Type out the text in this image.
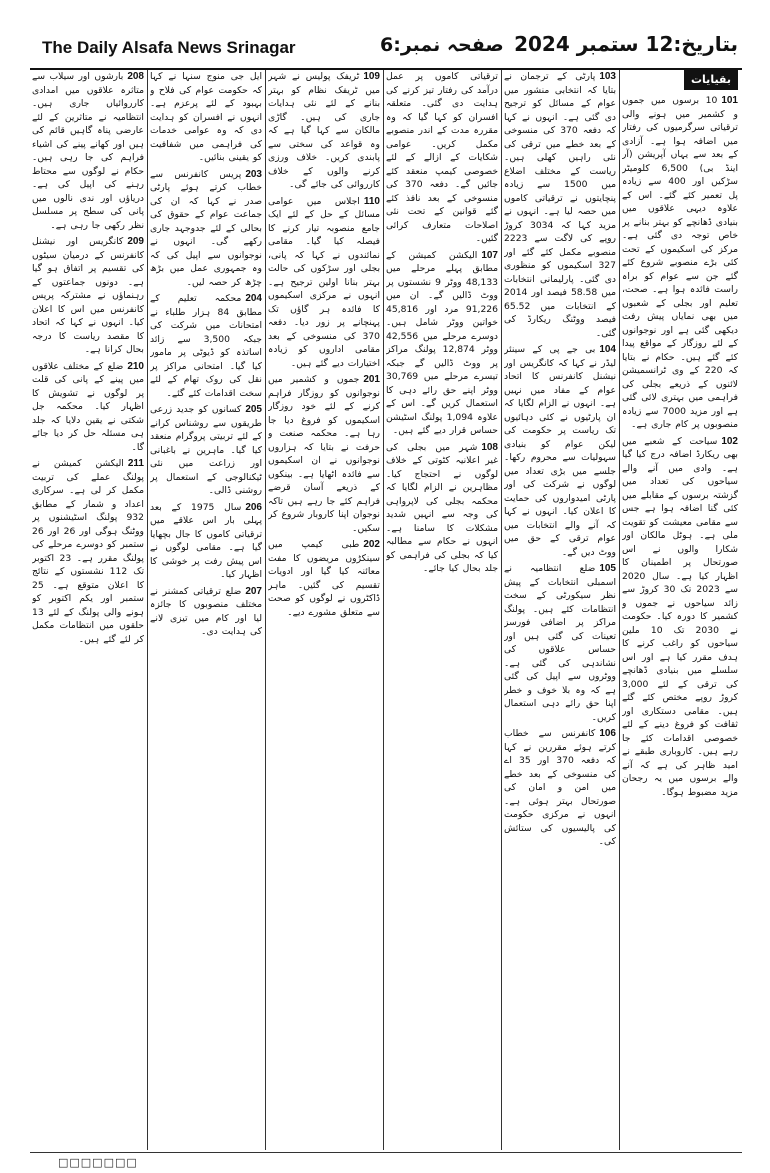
The Daily Alsafa News Srinagar	صفحہ نمبر:6 بتاریخ:12 ستمبر 2024
بقیایات

10110 برسوں میں جموں و کشمیر میں ہونے والی ترقیاتی سرگرمیوں کی رفتار میں اضافہ ہوا ہے۔ آزادی کے بعد سے یہاں آپریشن (آر اینڈ بی) 6,500 کلومیٹر سڑکیں اور 400 سے زیادہ پل تعمیر کئے گئے۔ اس کے علاوہ دیہی علاقوں میں بنیادی ڈھانچے کو بہتر بنانے پر خاص توجہ دی گئی ہے۔ مرکز کی اسکیموں کے تحت کئی بڑے منصوبے شروع کئے گئے جن سے عوام کو براہ راست فائدہ ہوا ہے۔ صحت، تعلیم اور بجلی کے شعبوں میں بھی نمایاں پیش رفت دیکھی گئی ہے اور نوجوانوں کے لئے روزگار کے مواقع پیدا کئے گئے ہیں۔ حکام نے بتایا کہ 220 کے وی ٹرانسمیشن لائنوں کے ذریعے بجلی کی فراہمی میں بہتری لائی گئی ہے اور مزید 7000 سے زیادہ منصوبوں پر کام جاری ہے۔

102سیاحت کے شعبے میں بھی ریکارڈ اضافہ درج کیا گیا ہے۔ وادی میں آنے والے سیاحوں کی تعداد میں گزشتہ برسوں کے مقابلے میں کئی گنا اضافہ ہوا ہے جس سے مقامی معیشت کو تقویت ملی ہے۔ ہوٹل مالکان اور شکارا والوں نے اس صورتحال پر اطمینان کا اظہار کیا ہے۔ سال 2020 سے 2023 تک 30 کروڑ سے زائد سیاحوں نے جموں و کشمیر کا دورہ کیا۔ حکومت نے 2030 تک 10 ملین سیاحوں کو راغب کرنے کا ہدف مقرر کیا ہے اور اس سلسلے میں بنیادی ڈھانچے کی ترقی کے لئے 3,000 کروڑ روپے مختص کئے گئے ہیں۔ مقامی دستکاری اور ثقافت کو فروغ دینے کے لئے خصوصی اقدامات کئے جا رہے ہیں۔ کاروباری طبقے نے امید ظاہر کی ہے کہ آنے والے برسوں میں یہ رجحان مزید مضبوط ہوگا۔

103پارٹی کے ترجمان نے بتایا کہ انتخابی منشور میں عوام کے مسائل کو ترجیح دی گئی ہے۔ انہوں نے کہا کہ دفعہ 370 کی منسوخی کے بعد خطے میں ترقی کی نئی راہیں کھلی ہیں۔ ریاست کے مختلف اضلاع میں 1500 سے زیادہ پنچایتوں نے ترقیاتی کاموں میں حصہ لیا ہے۔ انہوں نے مزید کہا کہ 3034 کروڑ روپے کی لاگت سے 2223 منصوبے مکمل کئے گئے اور 327 اسکیموں کو منظوری دی گئی۔ پارلیمانی انتخابات میں 58.58 فیصد اور 2014 کے انتخابات میں 65.52 فیصد ووٹنگ ریکارڈ کی گئی۔

104بی جے پی کے سینئر لیڈر نے کہا کہ کانگریس اور نیشنل کانفرنس کا اتحاد عوام کے مفاد میں نہیں ہے۔ انہوں نے الزام لگایا کہ ان پارٹیوں نے کئی دہائیوں تک ریاست پر حکومت کی لیکن عوام کو بنیادی سہولیات سے محروم رکھا۔ جلسے میں بڑی تعداد میں لوگوں نے شرکت کی اور پارٹی امیدواروں کی حمایت کا اعلان کیا۔ انہوں نے کہا کہ آنے والے انتخابات میں عوام ترقی کے حق میں ووٹ دیں گے۔

105ضلع انتظامیہ نے اسمبلی انتخابات کے پیش نظر سیکورٹی کے سخت انتظامات کئے ہیں۔ پولنگ مراکز پر اضافی فورسز تعینات کی گئی ہیں اور حساس علاقوں کی نشاندہی کی گئی ہے۔ ووٹروں سے اپیل کی گئی ہے کہ وہ بلا خوف و خطر اپنا حق رائے دہی استعمال کریں۔

106کانفرنس سے خطاب کرتے ہوئے مقررین نے کہا کہ دفعہ 370 اور 35 اے کی منسوخی کے بعد خطے میں امن و امان کی صورتحال بہتر ہوئی ہے۔ انہوں نے مرکزی حکومت کی پالیسیوں کی ستائش کی۔

ترقیاتی کاموں پر عمل درآمد کی رفتار تیز کرنے کی ہدایت دی گئی۔ متعلقہ افسران کو کہا گیا کہ وہ مقررہ مدت کے اندر منصوبے مکمل کریں۔ عوامی شکایات کے ازالے کے لئے خصوصی کیمپ منعقد کئے جائیں گے۔ دفعہ 370 کی منسوخی کے بعد نافذ کئے گئے قوانین کے تحت نئی اصلاحات متعارف کرائی گئیں۔

107الیکشن کمیشن کے مطابق پہلے مرحلے میں 48,133 ووٹر 9 نشستوں پر ووٹ ڈالیں گے۔ ان میں 91,226 مرد اور 45,816 خواتین ووٹر شامل ہیں۔ دوسرے مرحلے میں 42,556 ووٹر 12,874 پولنگ مراکز پر ووٹ ڈالیں گے جبکہ تیسرے مرحلے میں 30,769 ووٹر اپنے حق رائے دہی کا استعمال کریں گے۔ اس کے علاوہ 1,094 پولنگ اسٹیشن حساس قرار دیے گئے ہیں۔

108شہر میں بجلی کی غیر اعلانیہ کٹوتی کے خلاف لوگوں نے احتجاج کیا۔ مظاہرین نے الزام لگایا کہ محکمہ بجلی کی لاپرواہی کی وجہ سے انہیں شدید مشکلات کا سامنا ہے۔ انہوں نے حکام سے مطالبہ کیا کہ بجلی کی فراہمی کو جلد بحال کیا جائے۔

109ٹریفک پولیس نے شہر میں ٹریفک نظام کو بہتر بنانے کے لئے نئی ہدایات جاری کی ہیں۔ گاڑی مالکان سے کہا گیا ہے کہ وہ قواعد کی سختی سے پابندی کریں۔ خلاف ورزی کرنے والوں کے خلاف کارروائی کی جائے گی۔

110اجلاس میں عوامی مسائل کے حل کے لئے ایک جامع منصوبہ تیار کرنے کا فیصلہ کیا گیا۔ مقامی نمائندوں نے کہا کہ پانی، بجلی اور سڑکوں کی حالت بہتر بنانا اولین ترجیح ہے۔ انہوں نے مرکزی اسکیموں کا فائدہ ہر گاؤں تک پہنچانے پر زور دیا۔ دفعہ 370 کی منسوخی کے بعد مقامی اداروں کو زیادہ اختیارات دیے گئے ہیں۔

201جموں و کشمیر میں نوجوانوں کو روزگار فراہم کرنے کے لئے خود روزگار اسکیموں کو فروغ دیا جا رہا ہے۔ محکمہ صنعت و حرفت نے بتایا کہ ہزاروں نوجوانوں نے ان اسکیموں سے فائدہ اٹھایا ہے۔ بینکوں کے ذریعے آسان قرضے فراہم کئے جا رہے ہیں تاکہ نوجوان اپنا کاروبار شروع کر سکیں۔

202طبی کیمپ میں سینکڑوں مریضوں کا مفت معائنہ کیا گیا اور ادویات تقسیم کی گئیں۔ ماہر ڈاکٹروں نے لوگوں کو صحت سے متعلق مشورے دیے۔

ایل جی منوج سنہا نے کہا کہ حکومت عوام کی فلاح و بہبود کے لئے پرعزم ہے۔ انہوں نے افسران کو ہدایت دی کہ وہ عوامی خدمات کی فراہمی میں شفافیت کو یقینی بنائیں۔

203پریس کانفرنس سے خطاب کرتے ہوئے پارٹی صدر نے کہا کہ ان کی جماعت عوام کے حقوق کی بحالی کے لئے جدوجہد جاری رکھے گی۔ انہوں نے نوجوانوں سے اپیل کی کہ وہ جمہوری عمل میں بڑھ چڑھ کر حصہ لیں۔

204محکمہ تعلیم کے مطابق 84 ہزار طلباء نے امتحانات میں شرکت کی جبکہ 3,500 سے زائد اساتذہ کو ڈیوٹی پر مامور کیا گیا۔ امتحانی مراکز پر نقل کی روک تھام کے لئے سخت اقدامات کئے گئے۔

205کسانوں کو جدید زرعی طریقوں سے روشناس کرانے کے لئے تربیتی پروگرام منعقد کیا گیا۔ ماہرین نے باغبانی اور زراعت میں نئی ٹیکنالوجی کے استعمال پر روشنی ڈالی۔

206سال 1975 کے بعد پہلی بار اس علاقے میں ترقیاتی کاموں کا جال بچھایا گیا ہے۔ مقامی لوگوں نے اس پیش رفت پر خوشی کا اظہار کیا۔

207ضلع ترقیاتی کمشنر نے مختلف منصوبوں کا جائزہ لیا اور کام میں تیزی لانے کی ہدایت دی۔

208بارشوں اور سیلاب سے متاثرہ علاقوں میں امدادی کارروائیاں جاری ہیں۔ انتظامیہ نے متاثرین کے لئے عارضی پناہ گاہیں قائم کی ہیں اور کھانے پینے کی اشیاء فراہم کی جا رہی ہیں۔ حکام نے لوگوں سے محتاط رہنے کی اپیل کی ہے۔ دریاؤں اور ندی نالوں میں پانی کی سطح پر مسلسل نظر رکھی جا رہی ہے۔

209کانگریس اور نیشنل کانفرنس کے درمیان سیٹوں کی تقسیم پر اتفاق ہو گیا ہے۔ دونوں جماعتوں کے رہنماؤں نے مشترکہ پریس کانفرنس میں اس کا اعلان کیا۔ انہوں نے کہا کہ اتحاد کا مقصد ریاست کا درجہ بحال کرانا ہے۔

210ضلع کے مختلف علاقوں میں پینے کے پانی کی قلت پر لوگوں نے تشویش کا اظہار کیا۔ محکمہ جل شکتی نے یقین دلایا کہ جلد ہی مسئلہ حل کر دیا جائے گا۔

211الیکشن کمیشن نے پولنگ عملے کی تربیت مکمل کر لی ہے۔ سرکاری اعداد و شمار کے مطابق 932 پولنگ اسٹیشنوں پر ووٹنگ ہوگی اور 26 اور 26 ستمبر کو دوسرے مرحلے کی پولنگ مقرر ہے۔ 23 اکتوبر تک 112 نشستوں کے نتائج کا اعلان متوقع ہے۔ 25 ستمبر اور یکم اکتوبر کو ہونے والی پولنگ کے لئے 13 حلقوں میں انتظامات مکمل کر لئے گئے ہیں۔

□□□□□□□
